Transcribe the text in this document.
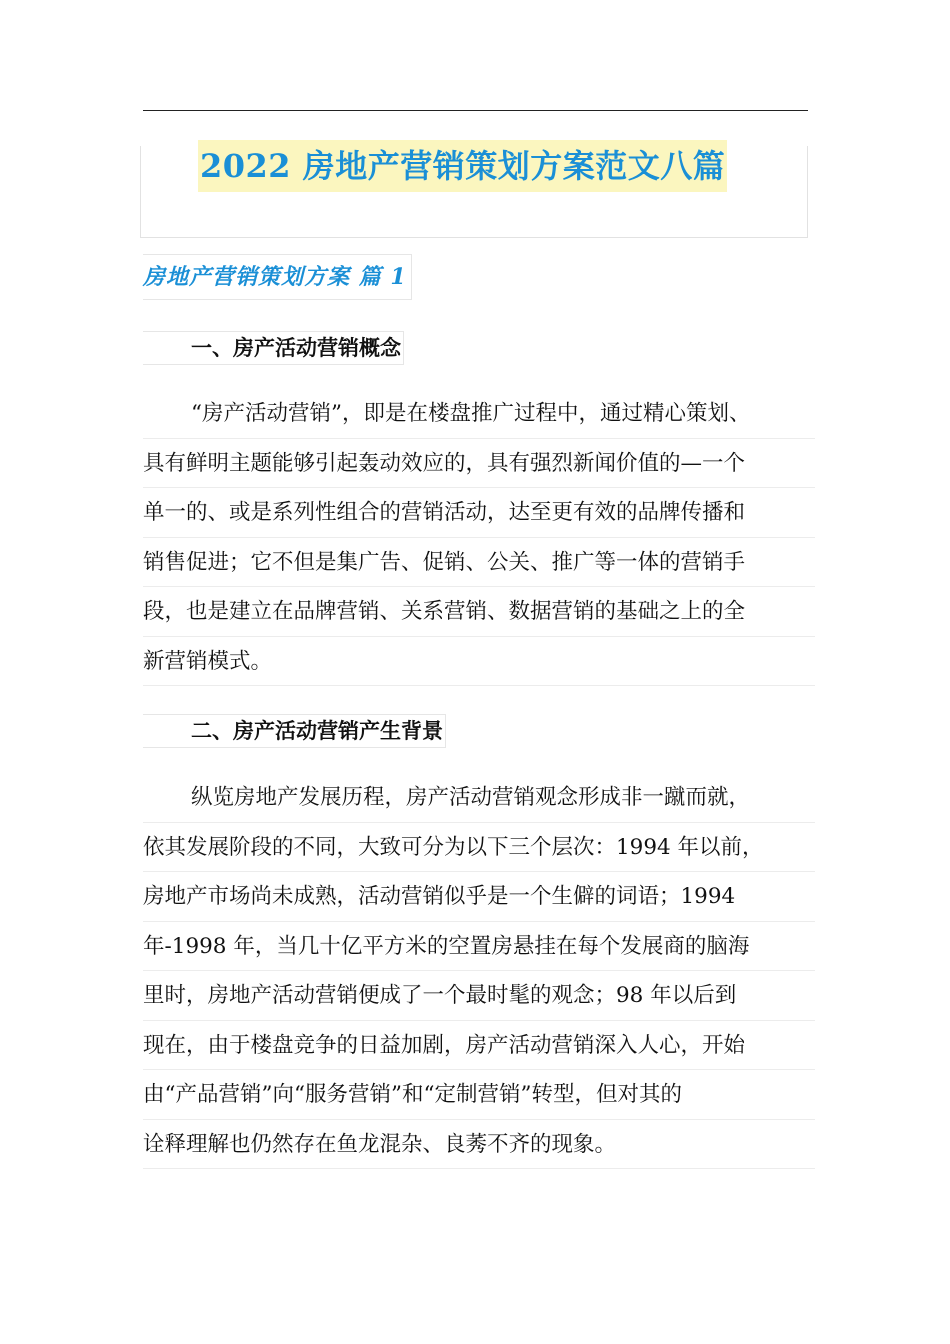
2022 房地产营销策划方案范文八篇
房地产营销策划方案 篇 1
一、房产活动营销概念
“房产活动营销”，即是在楼盘推广过程中，通过精心策划、
具有鲜明主题能够引起轰动效应的，具有强烈新闻价值的—一个
单一的、或是系列性组合的营销活动，达至更有效的品牌传播和
销售促进；它不但是集广告、促销、公关、推广等一体的营销手
段，也是建立在品牌营销、关系营销、数据营销的基础之上的全
新营销模式。
二、房产活动营销产生背景
纵览房地产发展历程，房产活动营销观念形成非一蹴而就，
依其发展阶段的不同，大致可分为以下三个层次：1994 年以前，
房地产市场尚未成熟，活动营销似乎是一个生僻的词语；1994
年-1998 年，当几十亿平方米的空置房悬挂在每个发展商的脑海
里时，房地产活动营销便成了一个最时髦的观念；98 年以后到
现在，由于楼盘竞争的日益加剧，房产活动营销深入人心，开始
由“产品营销”向“服务营销”和“定制营销”转型，但对其的
诠释理解也仍然存在鱼龙混杂、良莠不齐的现象。
